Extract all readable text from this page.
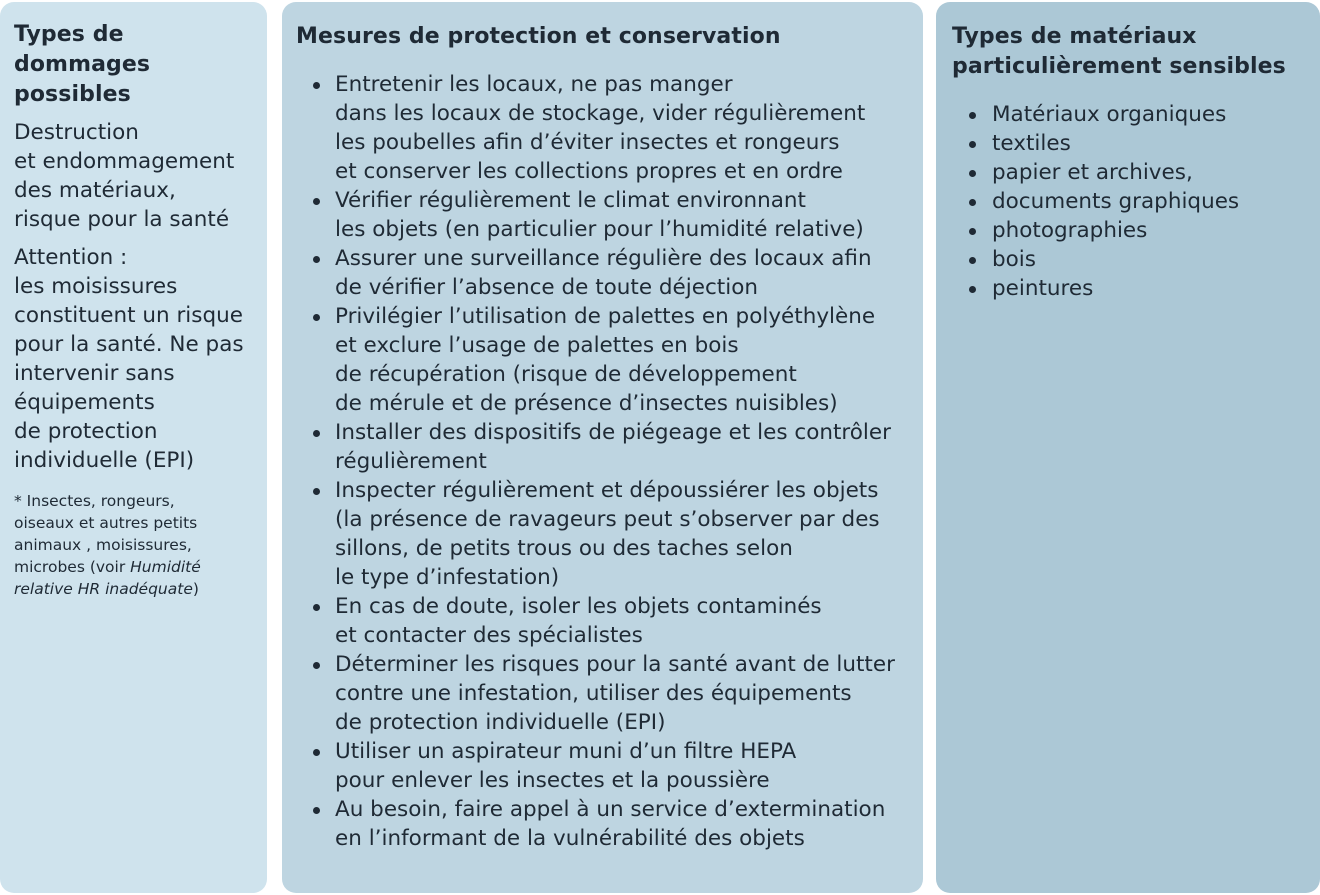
Types de
dommages
possibles

Destruction
et endommagement
des matériaux,
risque pour la santé

Attention :
les moisissures
constituent un risque
pour la santé. Ne pas
intervenir sans
équipements
de protection
individuelle (EPI)

* Insectes, rongeurs,
oiseaux et autres petits
animaux , moisissures,
microbes (voir Humidité
relative HR inadéquate)

Mesures de protection et conservation
Entretenir les locaux, ne pas manger
dans les locaux de stockage, vider régulièrement
les poubelles afin d’éviter insectes et rongeurs
et conserver les collections propres et en ordre
Vérifier régulièrement le climat environnant
les objets (en particulier pour l’humidité relative)
Assurer une surveillance régulière des locaux afin
de vérifier l’absence de toute déjection
Privilégier l’utilisation de palettes en polyéthylène
et exclure l’usage de palettes en bois
de récupération (risque de développement
de mérule et de présence d’insectes nuisibles)
Installer des dispositifs de piégeage et les contrôler
régulièrement
Inspecter régulièrement et dépoussiérer les objets
(la présence de ravageurs peut s’observer par des
sillons, de petits trous ou des taches selon
le type d’infestation)
En cas de doute, isoler les objets contaminés
et contacter des spécialistes
Déterminer les risques pour la santé avant de lutter
contre une infestation, utiliser des équipements
de protection individuelle (EPI)
Utiliser un aspirateur muni d’un filtre HEPA
pour enlever les insectes et la poussière
Au besoin, faire appel à un service d’extermination
en l’informant de la vulnérabilité des objets
Types de matériaux
particulièrement sensibles
Matériaux organiques
textiles
papier et archives,
documents graphiques
photographies
bois
peintures
